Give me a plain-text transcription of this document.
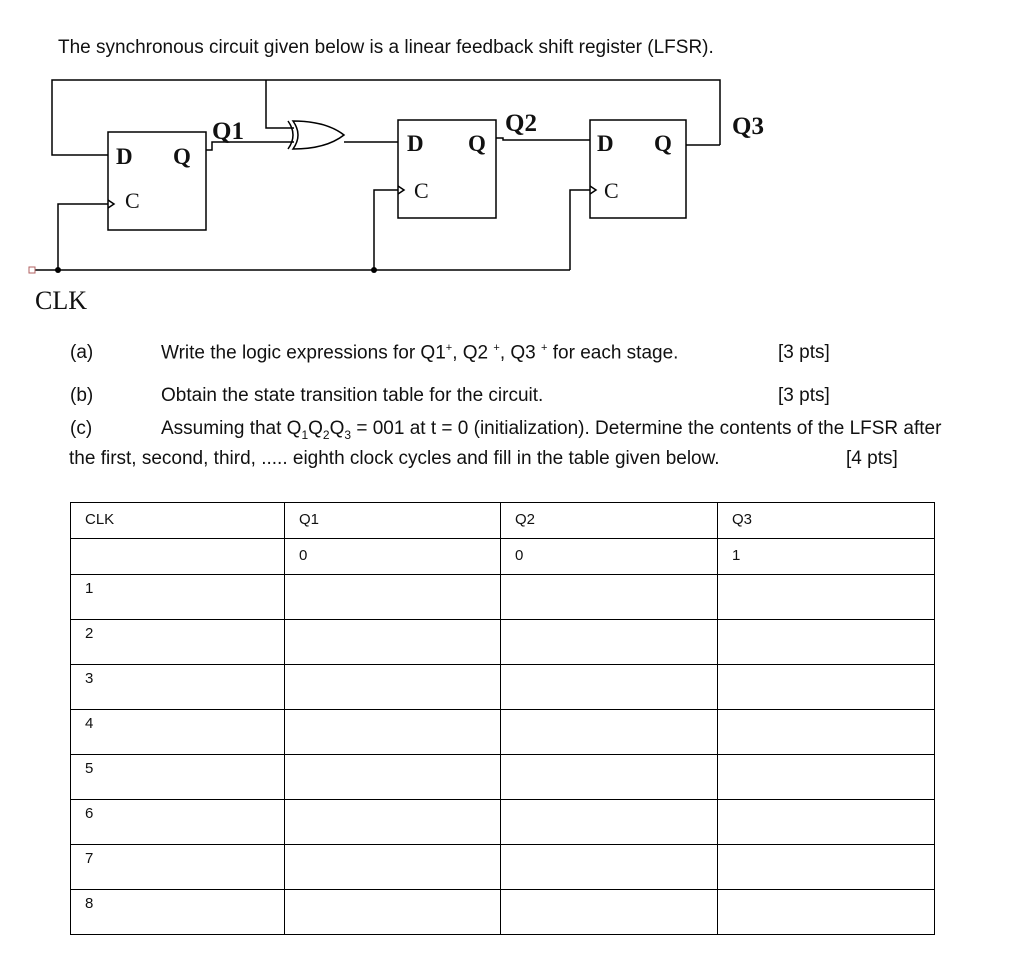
The synchronous circuit given below is a linear feedback shift register (LFSR).
D Q
C
Q1	D Q
C
Q2
D Q
C
Q3
CLK
(a)	Write the logic expressions for Q1+, Q2 +, Q3 + for each stage.	[3 pts]
(b)	Obtain the state transition table for the circuit.	[3 pts]
(c)	Assuming that $Q_1Q_2Q_3 = 001$ at t = 0 (initialization). Determine the contents of the LFSR after
the first, second, third, ..... eighth clock cycles and fill in the table given below.	[4 pts]
CLK	Q1	Q2	Q3
	0	0	1
1			
2			
3			
4			
5			
6			
7			
8			
